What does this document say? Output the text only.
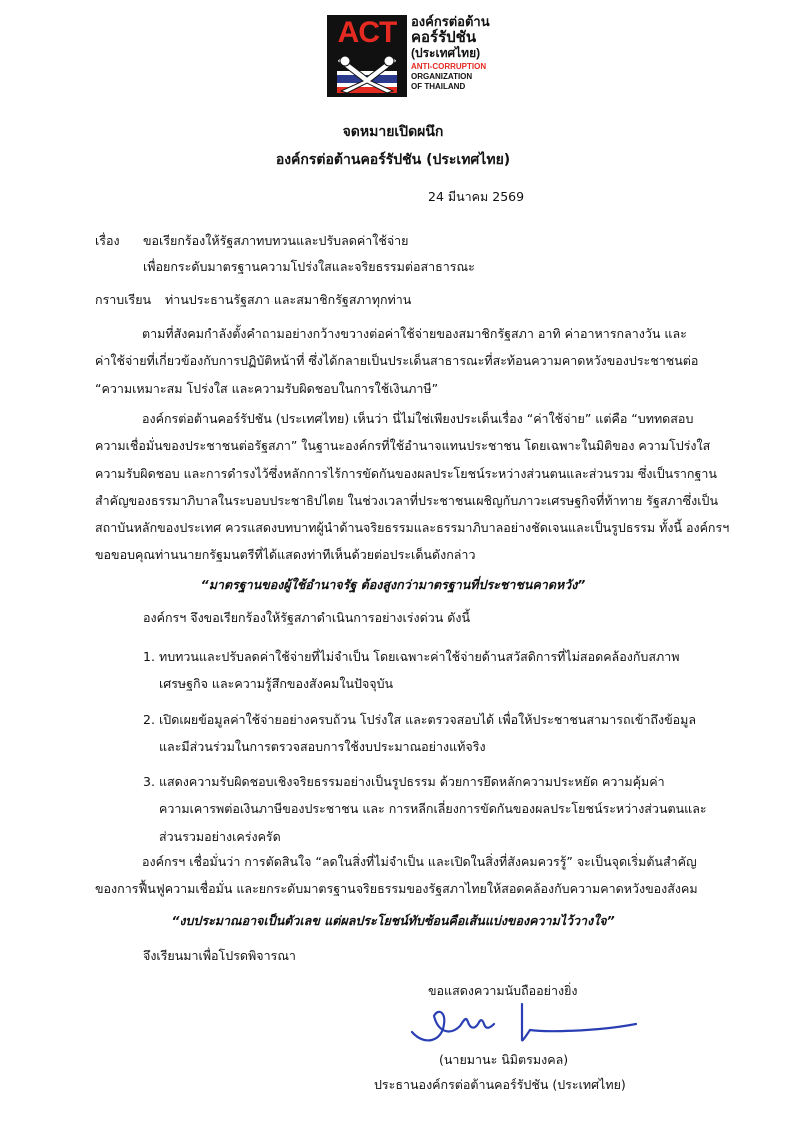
ACT	องค์กรต่อต้าน
คอร์รัปชัน
(ประเทศไทย)
ANTI-CORRUPTION
ORGANIZATION
OF THAILAND
จดหมายเปิดผนึก
องค์กรต่อต้านคอร์รัปชัน (ประเทศไทย)
24 มีนาคม 2569
เรื่อง ขอเรียกร้องให้รัฐสภาทบทวนและปรับลดค่าใช้จ่าย
เพื่อยกระดับมาตรฐานความโปร่งใสและจริยธรรมต่อสาธารณะ
กราบเรียน ท่านประธานรัฐสภา และสมาชิกรัฐสภาทุกท่าน
ตามที่สังคมกำลังตั้งคำถามอย่างกว้างขวางต่อค่าใช้จ่ายของสมาชิกรัฐสภา อาทิ ค่าอาหารกลางวัน และ
ค่าใช้จ่ายที่เกี่ยวข้องกับการปฏิบัติหน้าที่ ซึ่งได้กลายเป็นประเด็นสาธารณะที่สะท้อนความคาดหวังของประชาชนต่อ
“ความเหมาะสม โปร่งใส และความรับผิดชอบในการใช้เงินภาษี”
องค์กรต่อต้านคอร์รัปชัน (ประเทศไทย) เห็นว่า นี่ไม่ใช่เพียงประเด็นเรื่อง “ค่าใช้จ่าย” แต่คือ “บททดสอบ
ความเชื่อมั่นของประชาชนต่อรัฐสภา” ในฐานะองค์กรที่ใช้อำนาจแทนประชาชน โดยเฉพาะในมิติของ ความโปร่งใส
ความรับผิดชอบ และการดำรงไว้ซึ่งหลักการไร้การขัดกันของผลประโยชน์ระหว่างส่วนตนและส่วนรวม ซึ่งเป็นรากฐาน
สำคัญของธรรมาภิบาลในระบอบประชาธิปไตย ในช่วงเวลาที่ประชาชนเผชิญกับภาวะเศรษฐกิจที่ท้าทาย รัฐสภาซึ่งเป็น
สถาบันหลักของประเทศ ควรแสดงบทบาทผู้นำด้านจริยธรรมและธรรมาภิบาลอย่างชัดเจนและเป็นรูปธรรม ทั้งนี้ องค์กรฯ
ขอขอบคุณท่านนายกรัฐมนตรีที่ได้แสดงท่าทีเห็นด้วยต่อประเด็นดังกล่าว
“มาตรฐานของผู้ใช้อำนาจรัฐ ต้องสูงกว่ามาตรฐานที่ประชาชนคาดหวัง”
องค์กรฯ จึงขอเรียกร้องให้รัฐสภาดำเนินการอย่างเร่งด่วน ดังนี้
1. ทบทวนและปรับลดค่าใช้จ่ายที่ไม่จำเป็น โดยเฉพาะค่าใช้จ่ายด้านสวัสดิการที่ไม่สอดคล้องกับสภาพ
เศรษฐกิจ และความรู้สึกของสังคมในปัจจุบัน
2. เปิดเผยข้อมูลค่าใช้จ่ายอย่างครบถ้วน โปร่งใส และตรวจสอบได้ เพื่อให้ประชาชนสามารถเข้าถึงข้อมูล
และมีส่วนร่วมในการตรวจสอบการใช้งบประมาณอย่างแท้จริง
3. แสดงความรับผิดชอบเชิงจริยธรรมอย่างเป็นรูปธรรม ด้วยการยึดหลักความประหยัด ความคุ้มค่า
ความเคารพต่อเงินภาษีของประชาชน และ การหลีกเลี่ยงการขัดกันของผลประโยชน์ระหว่างส่วนตนและ
ส่วนรวมอย่างเคร่งครัด
องค์กรฯ เชื่อมั่นว่า การตัดสินใจ “ลดในสิ่งที่ไม่จำเป็น และเปิดในสิ่งที่สังคมควรรู้” จะเป็นจุดเริ่มต้นสำคัญ
ของการฟื้นฟูความเชื่อมั่น และยกระดับมาตรฐานจริยธรรมของรัฐสภาไทยให้สอดคล้องกับความคาดหวังของสังคม
“งบประมาณอาจเป็นตัวเลข แต่ผลประโยชน์ทับซ้อนคือเส้นแบ่งของความไว้วางใจ”
จึงเรียนมาเพื่อโปรดพิจารณา
ขอแสดงความนับถืออย่างยิ่ง
(นายมานะ นิมิตรมงคล)
ประธานองค์กรต่อต้านคอร์รัปชัน (ประเทศไทย)
